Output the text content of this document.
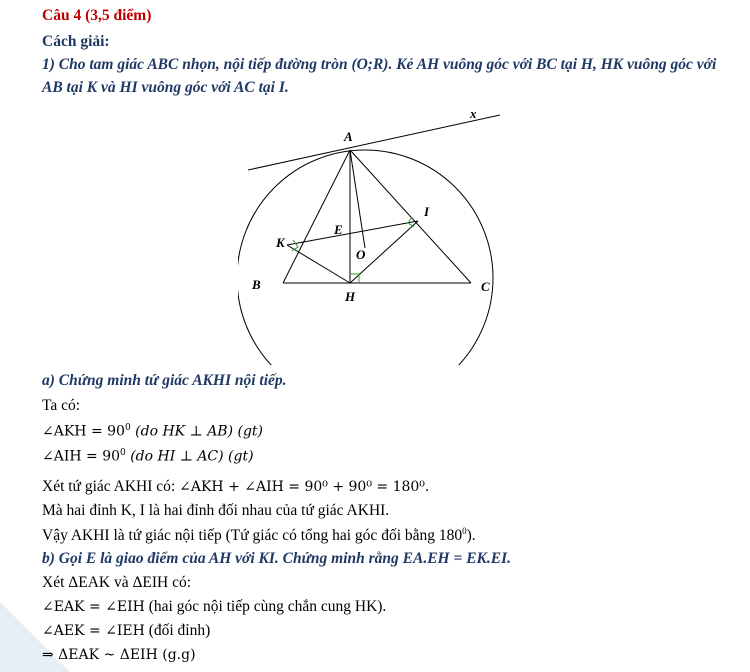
Câu 4 (3,5 điểm)
Cách giải:
1) Cho tam giác ABC nhọn, nội tiếp đường tròn (O;R). Kẻ AH vuông góc với BC tại H, HK vuông góc với
AB tại K và HI vuông góc với AC tại I.
x
A
B	C
H
K
I
E
O
a) Chứng minh tứ giác AKHI nội tiếp.
Ta có:
∠AKH = $90^0$ (do HK ⊥ AB) (gt)
∠AIH = $90^0$ (do HI ⊥ AC) (gt)
Xét tứ giác AKHI có: ∠AKH + ∠AIH = 90⁰ + 90⁰ = 180⁰.
Mà hai đỉnh K, I là hai đỉnh đối nhau của tứ giác AKHI.
Vậy AKHI là tứ giác nội tiếp (Tứ giác có tổng hai góc đối bằng $180^0$).
b) Gọi E là giao điểm của AH với KI. Chứng minh rằng EA.EH = EK.EI.
Xét ΔEAK và ΔEIH có:
∠EAK = ∠EIH (hai góc nội tiếp cùng chắn cung HK).
∠AEK = ∠IEH (đối đỉnh)
⇒ ΔEAK ~ ΔEIH (g.g)
